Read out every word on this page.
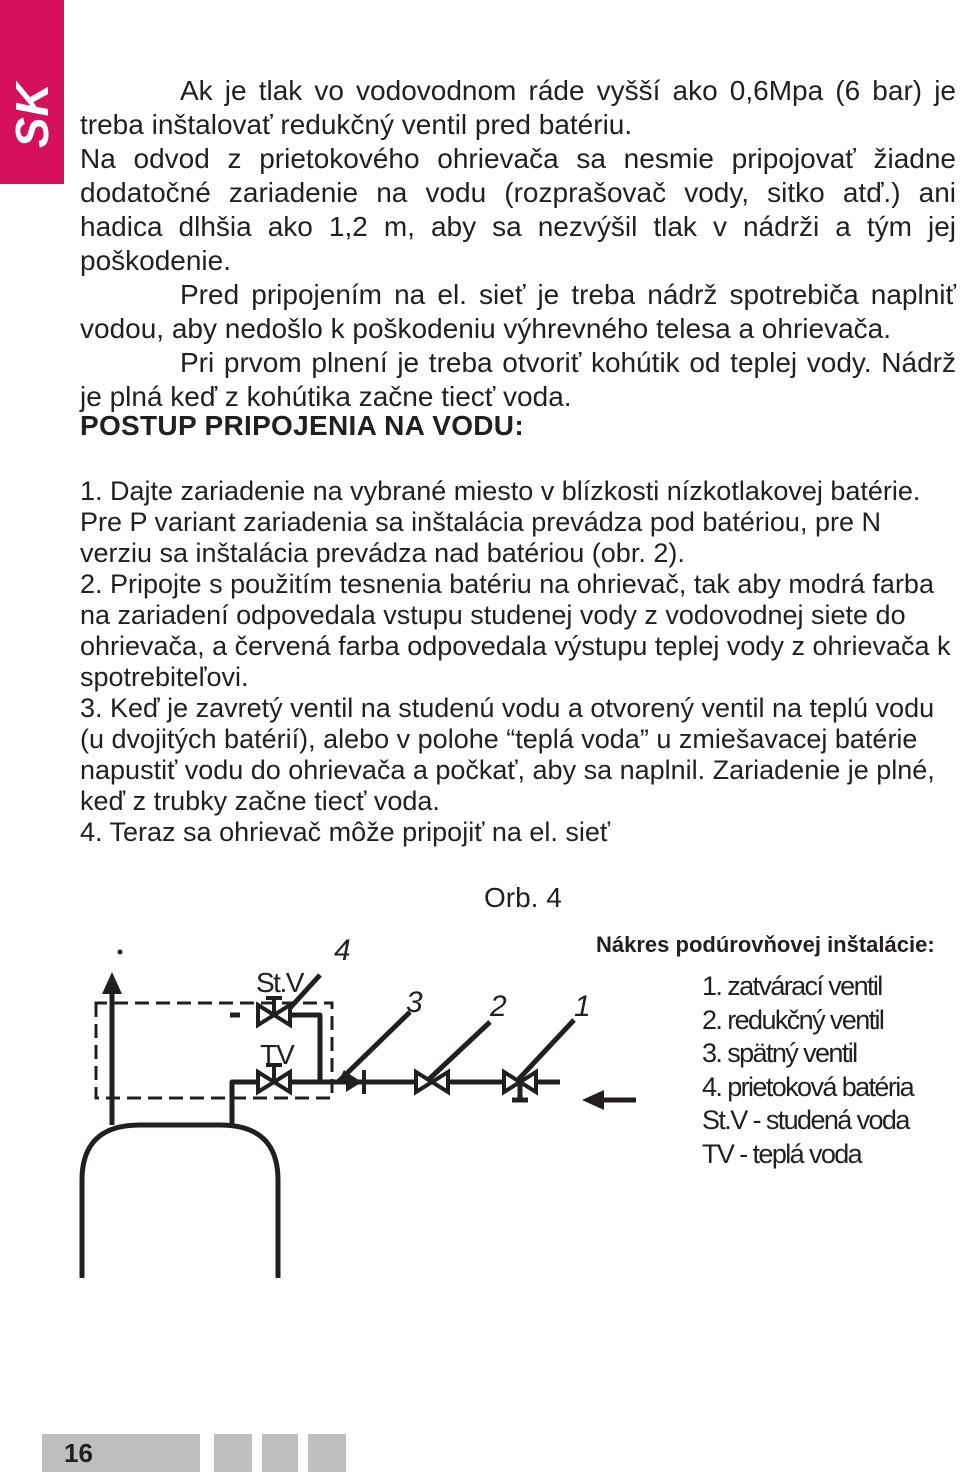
SK	Ak je tlak vo vodovodnom ráde vyšší ako 0,6Mpa (6 bar) je treba inštalovať redukčný ventil pred batériu.

Na odvod z prietokového ohrievača sa nesmie pripojovať žiadne dodatočné zariadenie na vodu (rozprašovač vody, sitko atď.) ani hadica dlhšia ako 1,2 m, aby sa nezvýšil tlak v nádrži a tým jej poškodenie.

Pred pripojením na el. sieť je treba nádrž spotrebiča naplniť vodou, aby nedošlo k poškodeniu výhrevného telesa a ohrievača.

Pri prvom plnení je treba otvoriť kohútik od teplej vody. Nádrž je plná keď z kohútika začne tiecť voda.

POSTUP PRIPOJENIA NA VODU:

1. Dajte zariadenie na vybrané miesto v blízkosti nízkotlakovej batérie. Pre P variant zariadenia sa inštalácia prevádza pod batériou, pre N verziu sa inštalácia prevádza nad batériou (obr. 2).

2. Pripojte s použitím tesnenia batériu na ohrievač, tak aby modrá farba na zariadení odpovedala vstupu studenej vody z vodovodnej siete do ohrievača, a červená farba odpovedala výstupu teplej vody z ohrievača k spotrebiteľovi.

3. Keď je zavretý ventil na studenú vodu a otvorený ventil na teplú vodu (u dvojitých batérií), alebo v polohe “teplá voda” u zmiešavacej batérie napustiť vodu do ohrievača a počkať, aby sa naplnil. Zariadenie je plné, keď z trubky začne tiecť voda.

4. Teraz sa ohrievač môže pripojiť na el. sieť

Orb. 4
St.V
TV
4
3 2 1
Nákres podúrovňovej inštalácie:
1. zatvárací ventil
2. redukčný ventil
3. spätný ventil
4. prietoková batéria
St.V - studená voda
TV - teplá voda
16
